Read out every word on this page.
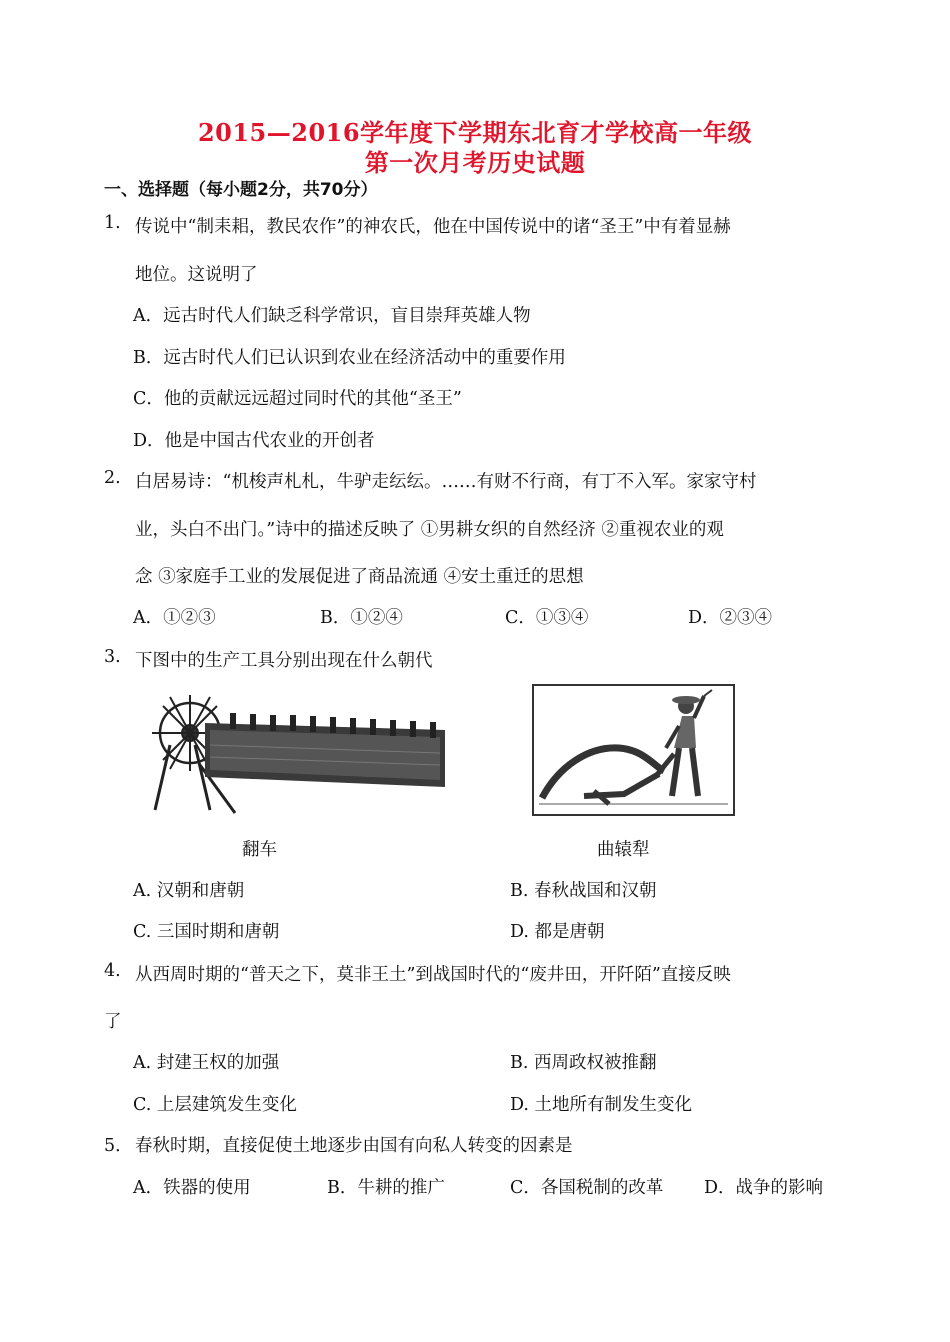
2015—2016学年度下学期东北育才学校高一年级
第一次月考历史试题
一、选择题（每小题2分，共70分）
1. 传说中“制耒耜，教民农作”的神农氏，他在中国传说中的诸“圣王”中有着显赫
地位。这说明了
A．远古时代人们缺乏科学常识，盲目崇拜英雄人物
B．远古时代人们已认识到农业在经济活动中的重要作用
C．他的贡献远远超过同时代的其他“圣王”
D．他是中国古代农业的开创者
2. 白居易诗：“机梭声札札，牛驴走纭纭。……有财不行商，有丁不入军。家家守村
业，头白不出门。”诗中的描述反映了 ①男耕女织的自然经济 ②重视农业的观
念 ③家庭手工业的发展促进了商品流通 ④安土重迁的思想
A．①②③	B．①②④	C．①③④	D．②③④
3. 下图中的生产工具分别出现在什么朝代
翻车	曲辕犁
A. 汉朝和唐朝	B. 春秋战国和汉朝
C. 三国时期和唐朝	D. 都是唐朝
4. 从西周时期的“普天之下，莫非王土”到战国时代的“废井田，开阡陌”直接反映
了
A. 封建王权的加强	B. 西周政权被推翻
C. 上层建筑发生变化	D. 土地所有制发生变化
5． 春秋时期，直接促使土地逐步由国有向私人转变的因素是
A．铁器的使用	B．牛耕的推广	C．各国税制的改革 D．战争的影响
